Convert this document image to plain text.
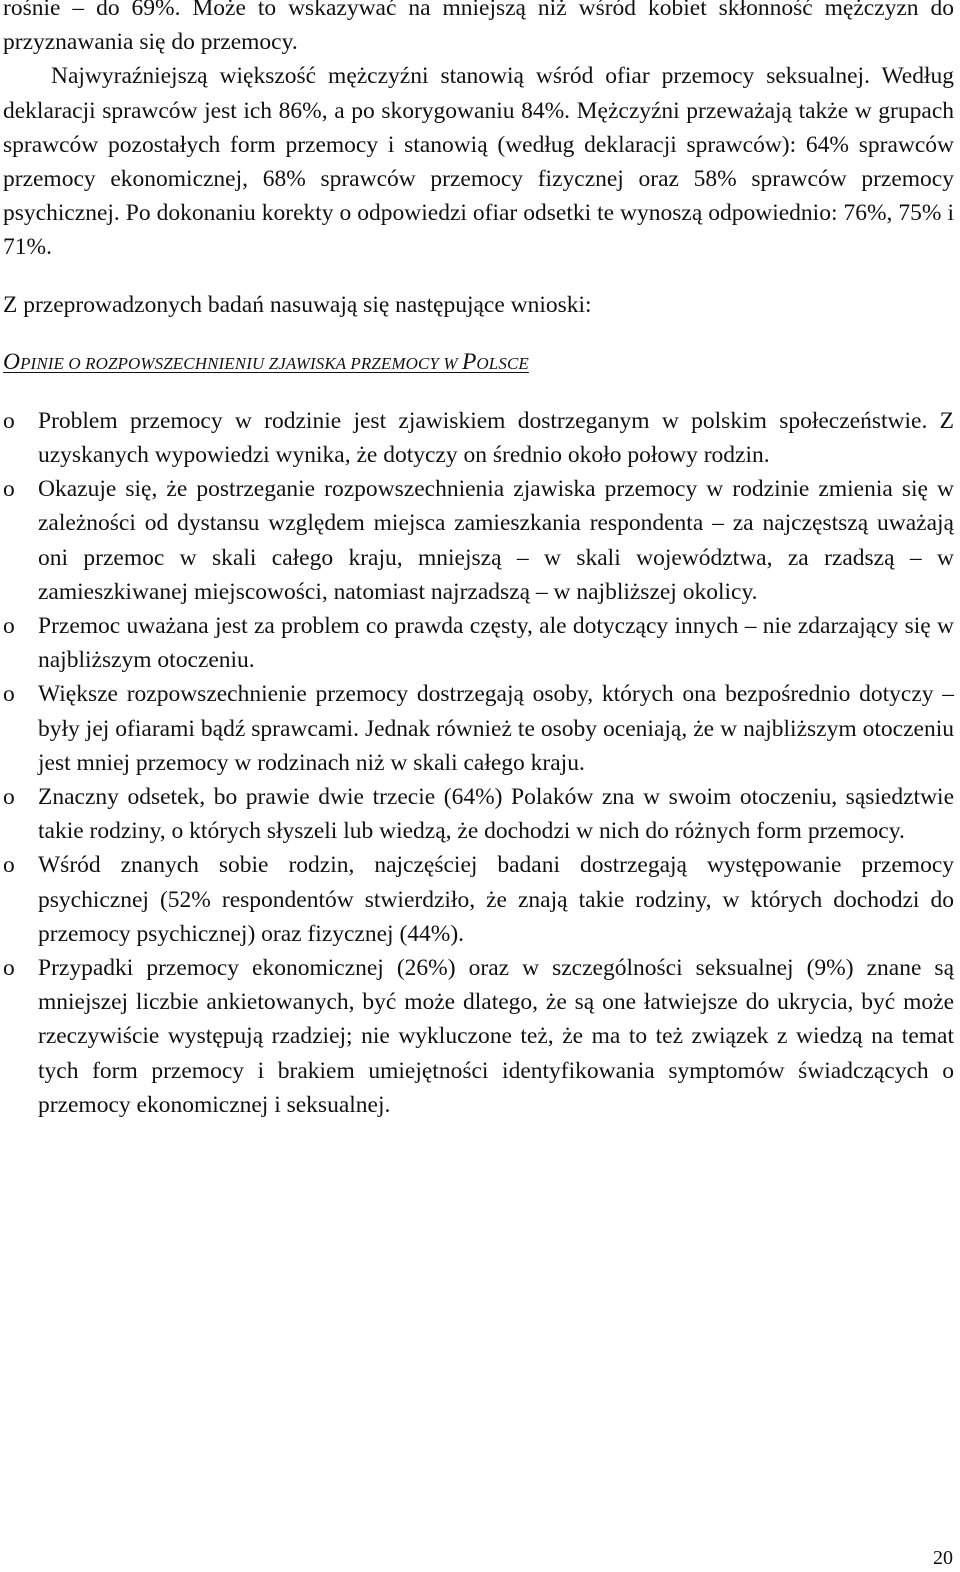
rośnie – do 69%. Może to wskazywać na mniejszą niż wśród kobiet skłonność mężczyzn do przyznawania się do przemocy.

Najwyraźniejszą większość mężczyźni stanowią wśród ofiar przemocy seksualnej. Według deklaracji sprawców jest ich 86%, a po skorygowaniu 84%. Mężczyźni przeważają także w grupach sprawców pozostałych form przemocy i stanowią (według deklaracji sprawców): 64% sprawców przemocy ekonomicznej, 68% sprawców przemocy fizycznej oraz 58% sprawców przemocy psychicznej. Po dokonaniu korekty o odpowiedzi ofiar odsetki te wynoszą odpowiednio: 76%, 75% i 71%.

Z przeprowadzonych badań nasuwają się następujące wnioski:

OPINIE O ROZPOWSZECHNIENIU ZJAWISKA PRZEMOCY W POLSCE

o Problem przemocy w rodzinie jest zjawiskiem dostrzeganym w polskim społeczeństwie. Z uzyskanych wypowiedzi wynika, że dotyczy on średnio około połowy rodzin.
o Okazuje się, że postrzeganie rozpowszechnienia zjawiska przemocy w rodzinie zmienia się w zależności od dystansu względem miejsca zamieszkania respondenta – za najczęstszą uważają oni przemoc w skali całego kraju, mniejszą – w skali województwa, za rzadszą – w zamieszkiwanej miejscowości, natomiast najrzadszą – w najbliższej okolicy.
o Przemoc uważana jest za problem co prawda częsty, ale dotyczący innych – nie zdarzający się w najbliższym otoczeniu.
o Większe rozpowszechnienie przemocy dostrzegają osoby, których ona bezpośrednio dotyczy – były jej ofiarami bądź sprawcami. Jednak również te osoby oceniają, że w najbliższym otoczeniu jest mniej przemocy w rodzinach niż w skali całego kraju.
o Znaczny odsetek, bo prawie dwie trzecie (64%) Polaków zna w swoim otoczeniu, sąsiedztwie takie rodziny, o których słyszeli lub wiedzą, że dochodzi w nich do różnych form przemocy.
o Wśród znanych sobie rodzin, najczęściej badani dostrzegają występowanie przemocy psychicznej (52% respondentów stwierdziło, że znają takie rodziny, w których dochodzi do przemocy psychicznej) oraz fizycznej (44%).
o Przypadki przemocy ekonomicznej (26%) oraz w szczególności seksualnej (9%) znane są mniejszej liczbie ankietowanych, być może dlatego, że są one łatwiejsze do ukrycia, być może rzeczywiście występują rzadziej; nie wykluczone też, że ma to też związek z wiedzą na temat tych form przemocy i brakiem umiejętności identyfikowania symptomów świadczących o przemocy ekonomicznej i seksualnej.
20
